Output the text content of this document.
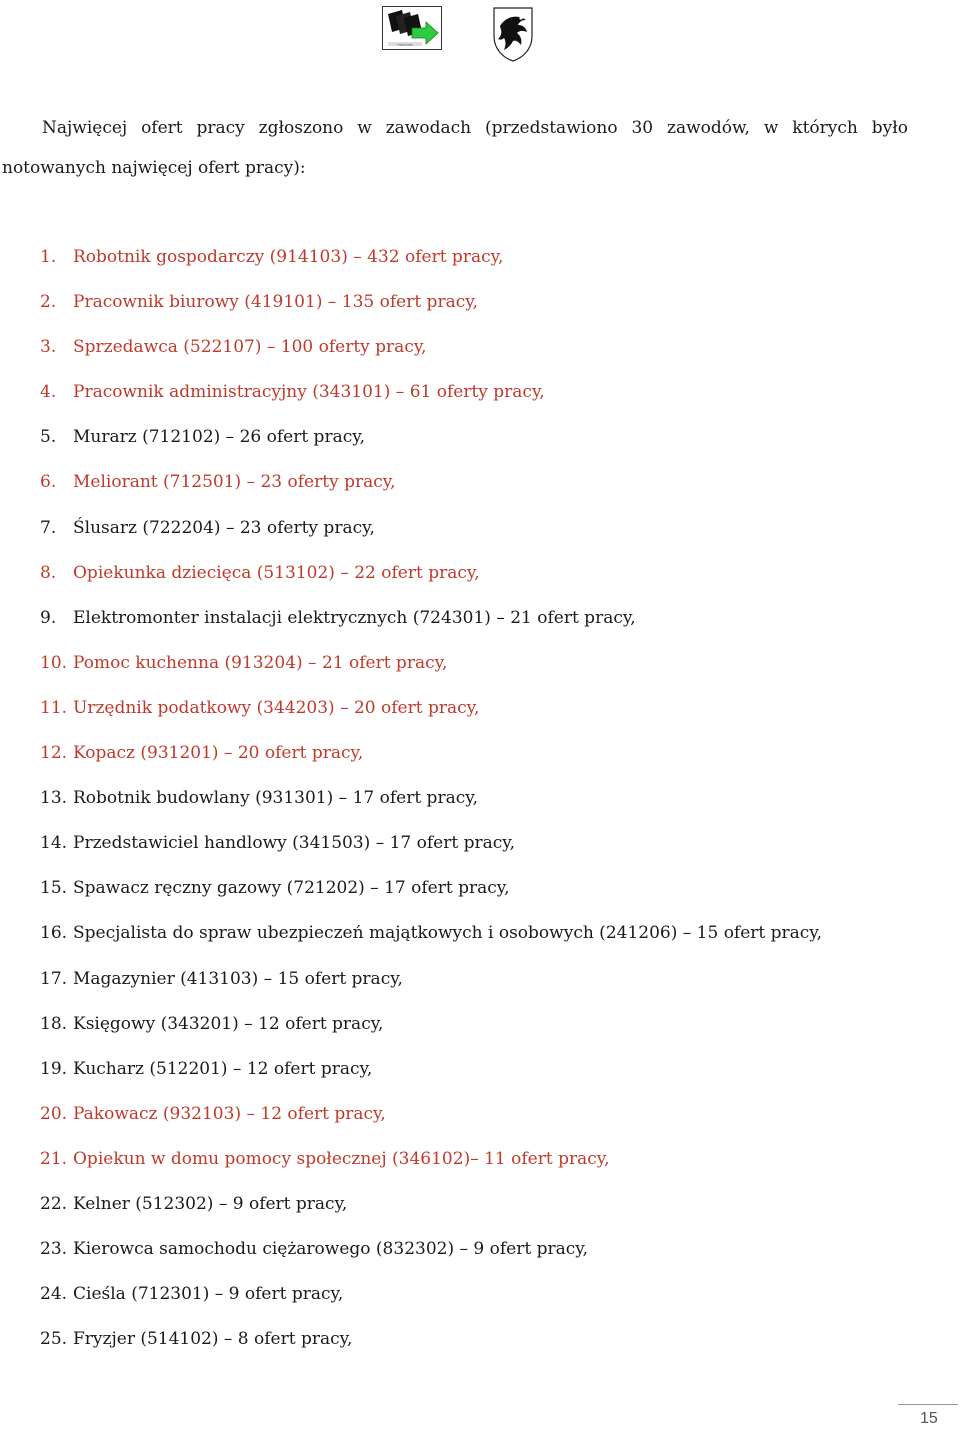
urząd pracy

Najwięcej ofert pracy zgłoszono w zawodach (przedstawiono 30 zawodów, w których było notowanych najwięcej ofert pracy):

1. Robotnik gospodarczy (914103) – 432 ofert pracy,
2. Pracownik biurowy (419101) – 135 ofert pracy,
3. Sprzedawca (522107) – 100 oferty pracy,
4. Pracownik administracyjny (343101) – 61 oferty pracy,
5. Murarz (712102) – 26 ofert pracy,
6. Meliorant (712501) – 23 oferty pracy,
7. Ślusarz (722204) – 23 oferty pracy,
8. Opiekunka dziecięca (513102) – 22 ofert pracy,
9. Elektromonter instalacji elektrycznych (724301) – 21 ofert pracy,
10. Pomoc kuchenna (913204) – 21 ofert pracy,
11. Urzędnik podatkowy (344203) – 20 ofert pracy,
12. Kopacz (931201) – 20 ofert pracy,
13. Robotnik budowlany (931301) – 17 ofert pracy,
14. Przedstawiciel handlowy (341503) – 17 ofert pracy,
15. Spawacz ręczny gazowy (721202) – 17 ofert pracy,
16. Specjalista do spraw ubezpieczeń majątkowych i osobowych (241206) – 15 ofert pracy,
17. Magazynier (413103) – 15 ofert pracy,
18. Księgowy (343201) – 12 ofert pracy,
19. Kucharz (512201) – 12 ofert pracy,
20. Pakowacz (932103) – 12 ofert pracy,
21. Opiekun w domu pomocy społecznej (346102)– 11 ofert pracy,
22. Kelner (512302) – 9 ofert pracy,
23. Kierowca samochodu ciężarowego (832302) – 9 ofert pracy,
24. Cieśla (712301) – 9 ofert pracy,
25. Fryzjer (514102) – 8 ofert pracy,
15
